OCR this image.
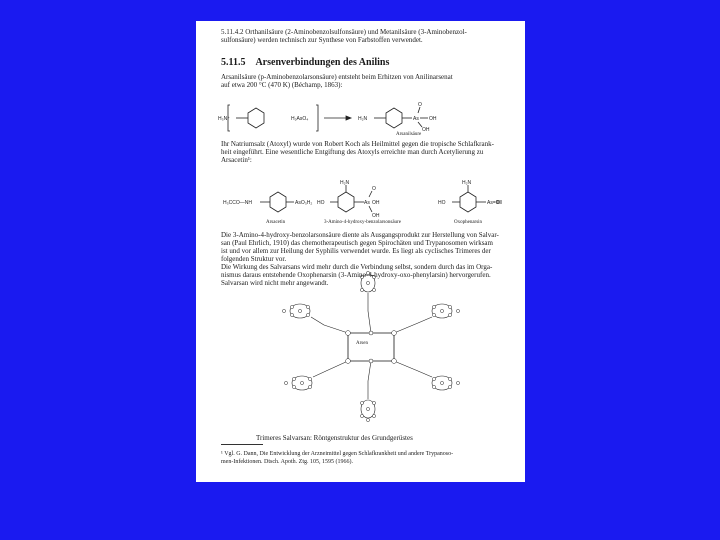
5.11.4.2 Orthanilsäure (2-Aminobenzolsulfonsäure) und Metanilsäure (3-Aminobenzol-
sulfonsäure) werden technisch zur Synthese von Farbstoffen verwendet.
5.11.5 Arsenverbindungen des Anilins
Arsanilsäure (p-Aminobenzolarsonsäure) entsteht beim Erhitzen von Anilinarsenat
auf etwa 200 °C (470 K) (Béchamp, 1863):
H₃N⁺	H₂AsO₄	H₂N	As
O
OH
OH
H₃CCO—NH	AsO₃H₂ HO
H₂N
As
O
OH
OH
HO
H₂N
As=O
Arsanilsäure
Ihr Natriumsalz (Atoxyl) wurde von Robert Koch als Heilmittel gegen die tropische Schlafkrank-
heit eingeführt. Eine wesentliche Entgiftung des Atoxyls erreichte man durch Acetylierung zu
Arsacetin¹:
Arsacetin	3-Amino-4-hydroxy-benzolarsonsäure	Oxophenarsin
Die 3-Amino-4-hydroxy-benzolarsonsäure diente als Ausgangsprodukt zur Herstellung von Salvar-
san (Paul Ehrlich, 1910) das chemotherapeutisch gegen Spirochäten und Trypanosomen wirksam
ist und vor allem zur Heilung der Syphilis verwendet wurde. Es liegt als cyclisches Trimeres der
folgenden Struktur vor.
Die Wirkung des Salvarsans wird mehr durch die Verbindung selbst, sondern durch das im Orga-
nismus daraus entstehende Oxophenarsin (3-Amino-4-hydroxy-oxo-phenylarsin) hervorgerufen.
Salvarsan wird nicht mehr angewandt.
Arsen
Trimeres Salvarsan: Röntgenstruktur des Grundgerüstes
¹ Vgl. G. Dann, Die Entwicklung der Arzneimittel gegen Schlafkrankheit und andere Trypanoso-
men-Infektionen. Dtsch. Apoth. Ztg. 105, 1595 (1966).
